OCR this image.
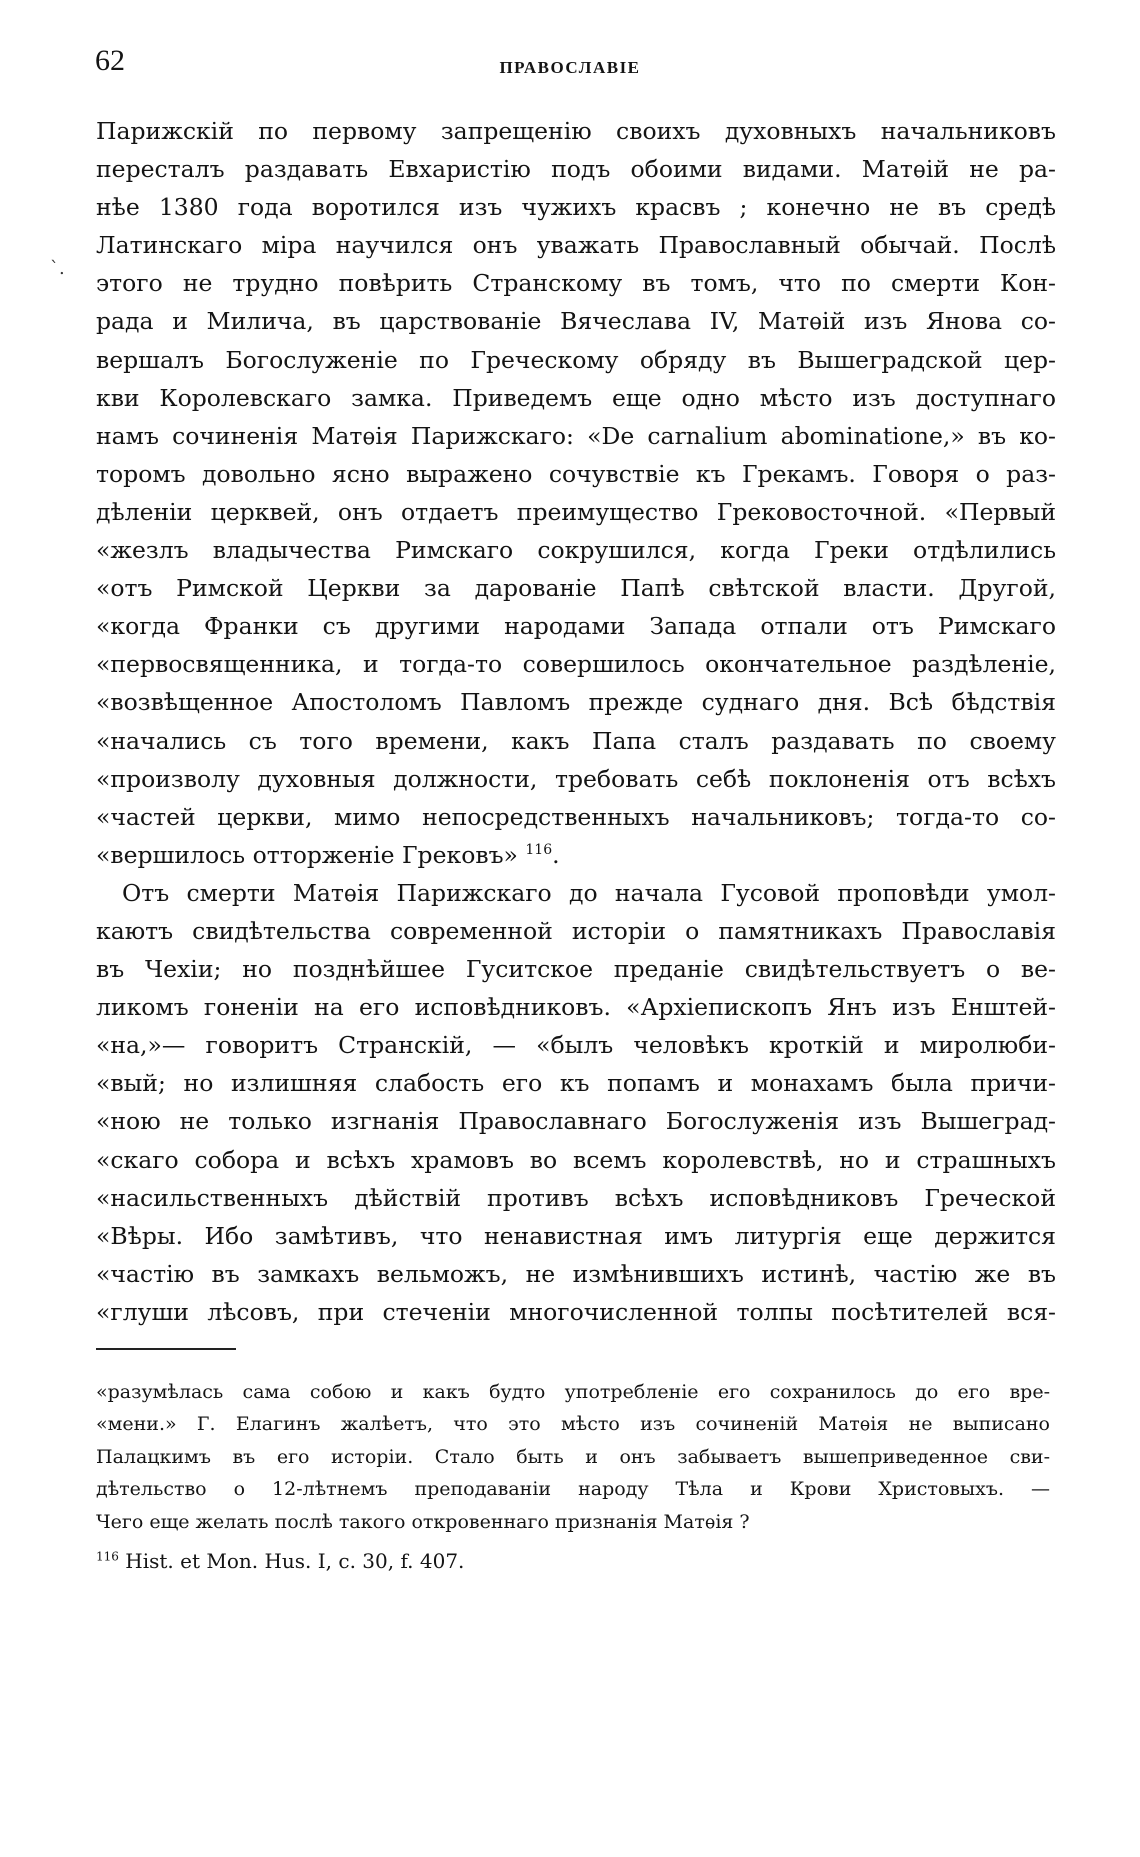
62	ПРАВОСЛАВІЕ
`.
Парижскій по первому запрещенію своихъ духовныхъ начальниковъ
пересталъ раздавать Евхаристію подъ обоими видами. Матѳій не ра-
нѣе 1380 года воротился изъ чужихъ красвъ ; конечно не въ средѣ
Латинскаго міра научился онъ уважать Православный обычай. Послѣ
этого не трудно повѣрить Странскому въ томъ, что по смерти Кон-
рада и Милича, въ царствованіе Вячеслава IV, Матѳій изъ Янова со-
вершалъ Богослуженіе по Греческому обряду въ Вышеградской цер-
кви Королевскаго замка. Приведемъ еще одно мѣсто изъ доступнаго
намъ сочиненія Матѳія Парижскаго: «De carnalium abominatione,» въ ко-
торомъ довольно ясно выражено сочувствіе къ Грекамъ. Говоря о раз-
дѣленіи церквей, онъ отдаетъ преимущество Грековосточной. «Первый
«жезлъ владычества Римскаго сокрушился, когда Греки отдѣлились
«отъ Римской Церкви за дарованіе Папѣ свѣтской власти. Другой,
«когда Франки съ другими народами Запада отпали отъ Римскаго
«первосвященника, и тогда-то совершилось окончательное раздѣленіе,
«возвѣщенное Апостоломъ Павломъ прежде суднаго дня. Всѣ бѣдствія
«начались съ того времени, какъ Папа сталъ раздавать по своему
«произволу духовныя должности, требовать себѣ поклоненія отъ всѣхъ
«частей церкви, мимо непосредственныхъ начальниковъ; тогда-то со-
«вершилось отторженіе Грековъ» $^{116}$.
Отъ смерти Матѳія Парижскаго до начала Гусовой проповѣди умол-
каютъ свидѣтельства современной исторіи о памятникахъ Православія
въ Чехіи; но позднѣйшее Гуситское преданіе свидѣтельствуетъ о ве-
ликомъ гоненіи на его исповѣдниковъ. «Архіепископъ Янъ изъ Енштей-
«на,»— говоритъ Странскій, — «былъ человѣкъ кроткій и миролюби-
«вый; но излишняя слабость его къ попамъ и монахамъ была причи-
«ною не только изгнанія Православнаго Богослуженія изъ Вышеград-
«скаго собора и всѣхъ храмовъ во всемъ королевствѣ, но и страшныхъ
«насильственныхъ дѣйствій противъ всѣхъ исповѣдниковъ Греческой
«Вѣры. Ибо замѣтивъ, что ненавистная имъ литургія еще держится
«частію въ замкахъ вельможъ, не измѣнившихъ истинѣ, частію же въ
«глуши лѣсовъ, при стеченіи многочисленной толпы посѣтителей вся-
«разумѣлась сама собою и какъ будто употребленіе его сохранилось до его вре-
«мени.» Г. Елагинъ жалѣетъ, что это мѣсто изъ сочиненій Матѳія не выписано
Палацкимъ въ его исторіи. Стало быть и онъ забываетъ вышеприведенное сви-
дѣтельство о 12-лѣтнемъ преподаваніи народу Тѣла и Крови Христовыхъ. —
Чего еще желать послѣ такого откровеннаго признанія Матѳія ?
$^{116}$ Hist. et Mon. Hus. I, c. 30, f. 407.
